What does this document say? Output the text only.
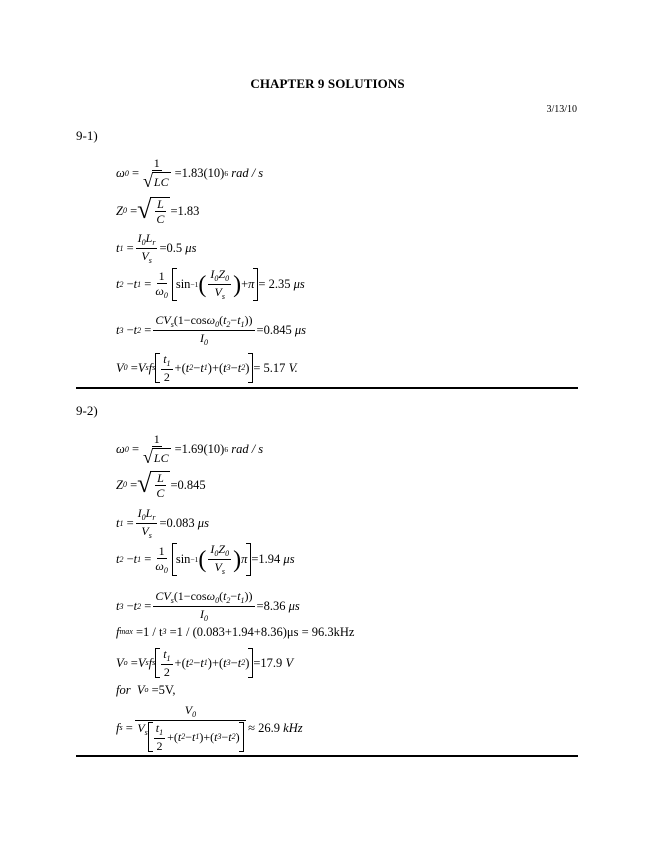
CHAPTER 9 SOLUTIONS
3/13/10
9-1)
ω $0 = \frac{1}{√ LC} =1.83(10)$ 6
rad / s
Z 0 = √ $\frac{L}{C} =1.83$
t $1 = \frac{I_0L_r}{V_s} =0.5$
μs
t 2 − t $1 = \frac{1}{\omega_0}$ sin −1 ( $\frac{I_0Z_0}{V_s}$ ) + π = 2.35
μs
t 3 − t $2 = \frac{CV_s(1-\cos\omega_0(t_2-t_1))}{I_0} =0.845$
μs
V 0 = V s f s $\frac{t_1}{2}$ +( t 2 − t 1 )+( t 3 − t 2 ) = 5.17
V.
9-2)
ω $0 = \frac{1}{√ LC} =1.69(10)$ 6
rad / s
Z 0 = √ $\frac{L}{C} =0.845$
t $1 = \frac{I_0L_r}{V_s} =0.083$
μs
t 2 − t $1 = \frac{1}{\omega_0}$ sin −1 ( $\frac{I_0Z_0}{V_s}$ ) π =1.94
μs
t 3 − t $2 = \frac{CV_s(1-\cos\omega_0(t_2-t_1))}{I_0} =8.36$
μs
f max
=1 / t 3
=1 / (0.083+1.94+8.36)μs = 96.3kHz
V o = V s f s $\frac{t_1}{2}$ +( t 2 − t 1 )+( t 3 − t 2 ) =17.9
V
for
V o
=5V,
f $s = \frac{V_0}{V_s \frac{t_1}{2} +( t 2 - t 1 )+( t 3 - t 2 )} \approx 26.9$
kHz
